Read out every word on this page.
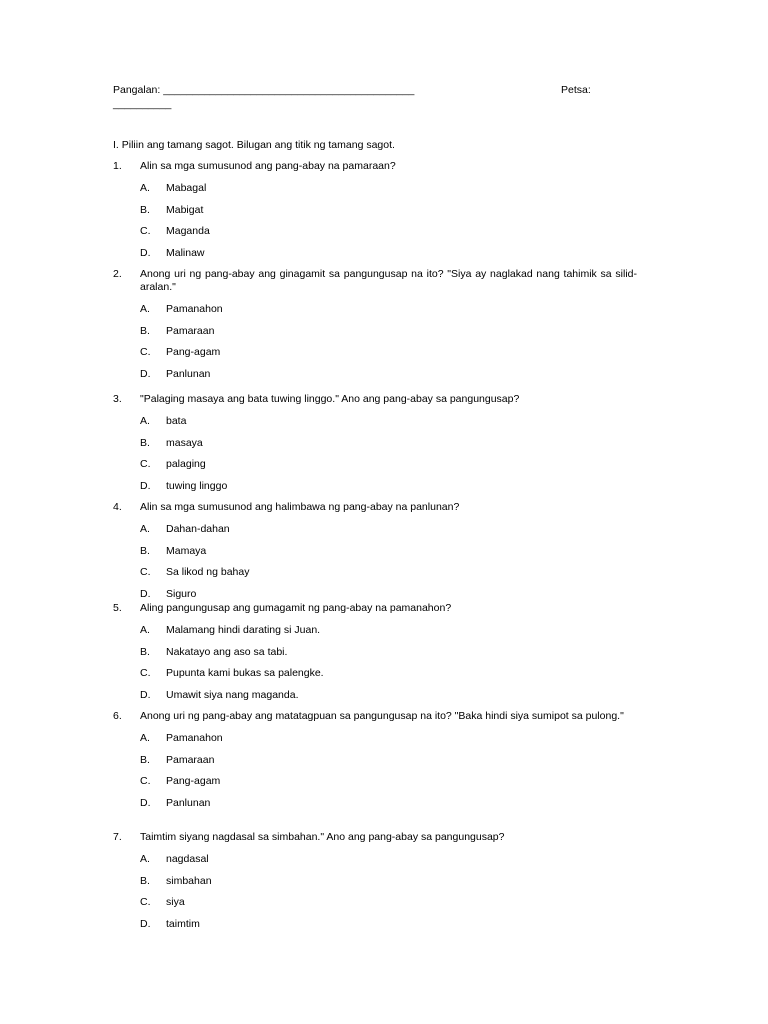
Pangalan: ___________________________________________	Petsa:
__________
I. Piliin ang tamang sagot. Bilugan ang titik ng tamang sagot.
1.	Alin sa mga sumusunod ang pang-abay na pamaraan?
A.	Mabagal
B.	Mabigat
C.	Maganda
D.	Malinaw
2.	Anong uri ng pang-abay ang ginagamit sa pangungusap na ito? "Siya ay naglakad nang tahimik sa silid-aralan."
A.	Pamanahon
B.	Pamaraan
C.	Pang-agam
D.	Panlunan
3.	"Palaging masaya ang bata tuwing linggo." Ano ang pang-abay sa pangungusap?
A.	bata
B.	masaya
C.	palaging
D.	tuwing linggo
4.	Alin sa mga sumusunod ang halimbawa ng pang-abay na panlunan?
A.	Dahan-dahan
B.	Mamaya
C.	Sa likod ng bahay
D.	Siguro
5.	Aling pangungusap ang gumagamit ng pang-abay na pamanahon?
A.	Malamang hindi darating si Juan.
B.	Nakatayo ang aso sa tabi.
C.	Pupunta kami bukas sa palengke.
D.	Umawit siya nang maganda.
6.	Anong uri ng pang-abay ang matatagpuan sa pangungusap na ito? "Baka hindi siya sumipot sa pulong."
A.	Pamanahon
B.	Pamaraan
C.	Pang-agam
D.	Panlunan
7.	Taimtim siyang nagdasal sa simbahan." Ano ang pang-abay sa pangungusap?
A.	nagdasal
B.	simbahan
C.	siya
D.	taimtim
